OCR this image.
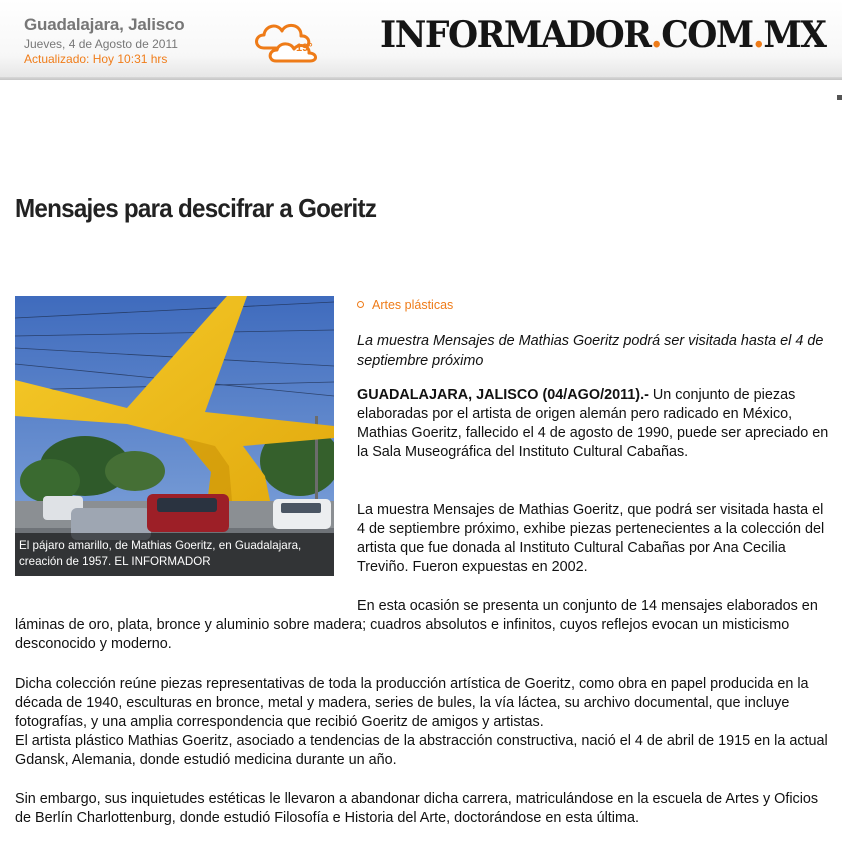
Guadalajara, Jalisco
Jueves, 4 de Agosto de 2011
Actualizado: Hoy 10:31 hrs
19° INFORMADOR.COM.MX
Mensajes para descifrar a Goeritz
El pájaro amarillo, de Mathias Goeritz, en Guadalajara, creación de 1957. EL INFORMADOR
Artes plásticas

La muestra Mensajes de Mathias Goeritz podrá ser visitada hasta el 4 de septiembre próximo

GUADALAJARA, JALISCO (04/AGO/2011).- Un conjunto de piezas elaboradas por el artista de origen alemán pero radicado en México, Mathias Goeritz, fallecido el 4 de agosto de 1990, puede ser apreciado en la Sala Museográfica del Instituto Cultural Cabañas.

La muestra Mensajes de Mathias Goeritz, que podrá ser visitada hasta el 4 de septiembre próximo, exhibe piezas pertenecientes a la colección del artista que fue donada al Instituto Cultural Cabañas por Ana Cecilia Treviño. Fueron expuestas en 2002.

En esta ocasión se presenta un conjunto de 14 mensajes elaborados en láminas de oro, plata, bronce y aluminio sobre madera; cuadros absolutos e infinitos, cuyos reflejos evocan un misticismo desconocido y moderno.

Dicha colección reúne piezas representativas de toda la producción artística de Goeritz, como obra en papel producida en la década de 1940, esculturas en bronce, metal y madera, series de bules, la vía láctea, su archivo documental, que incluye fotografías, y una amplia correspondencia que recibió Goeritz de amigos y artistas.

El artista plástico Mathias Goeritz, asociado a tendencias de la abstracción constructiva, nació el 4 de abril de 1915 en la actual Gdansk, Alemania, donde estudió medicina durante un año.

Sin embargo, sus inquietudes estéticas le llevaron a abandonar dicha carrera, matriculándose en la escuela de Artes y Oficios de Berlín Charlottenburg, donde estudió Filosofía e Historia del Arte, doctorándose en esta última.
